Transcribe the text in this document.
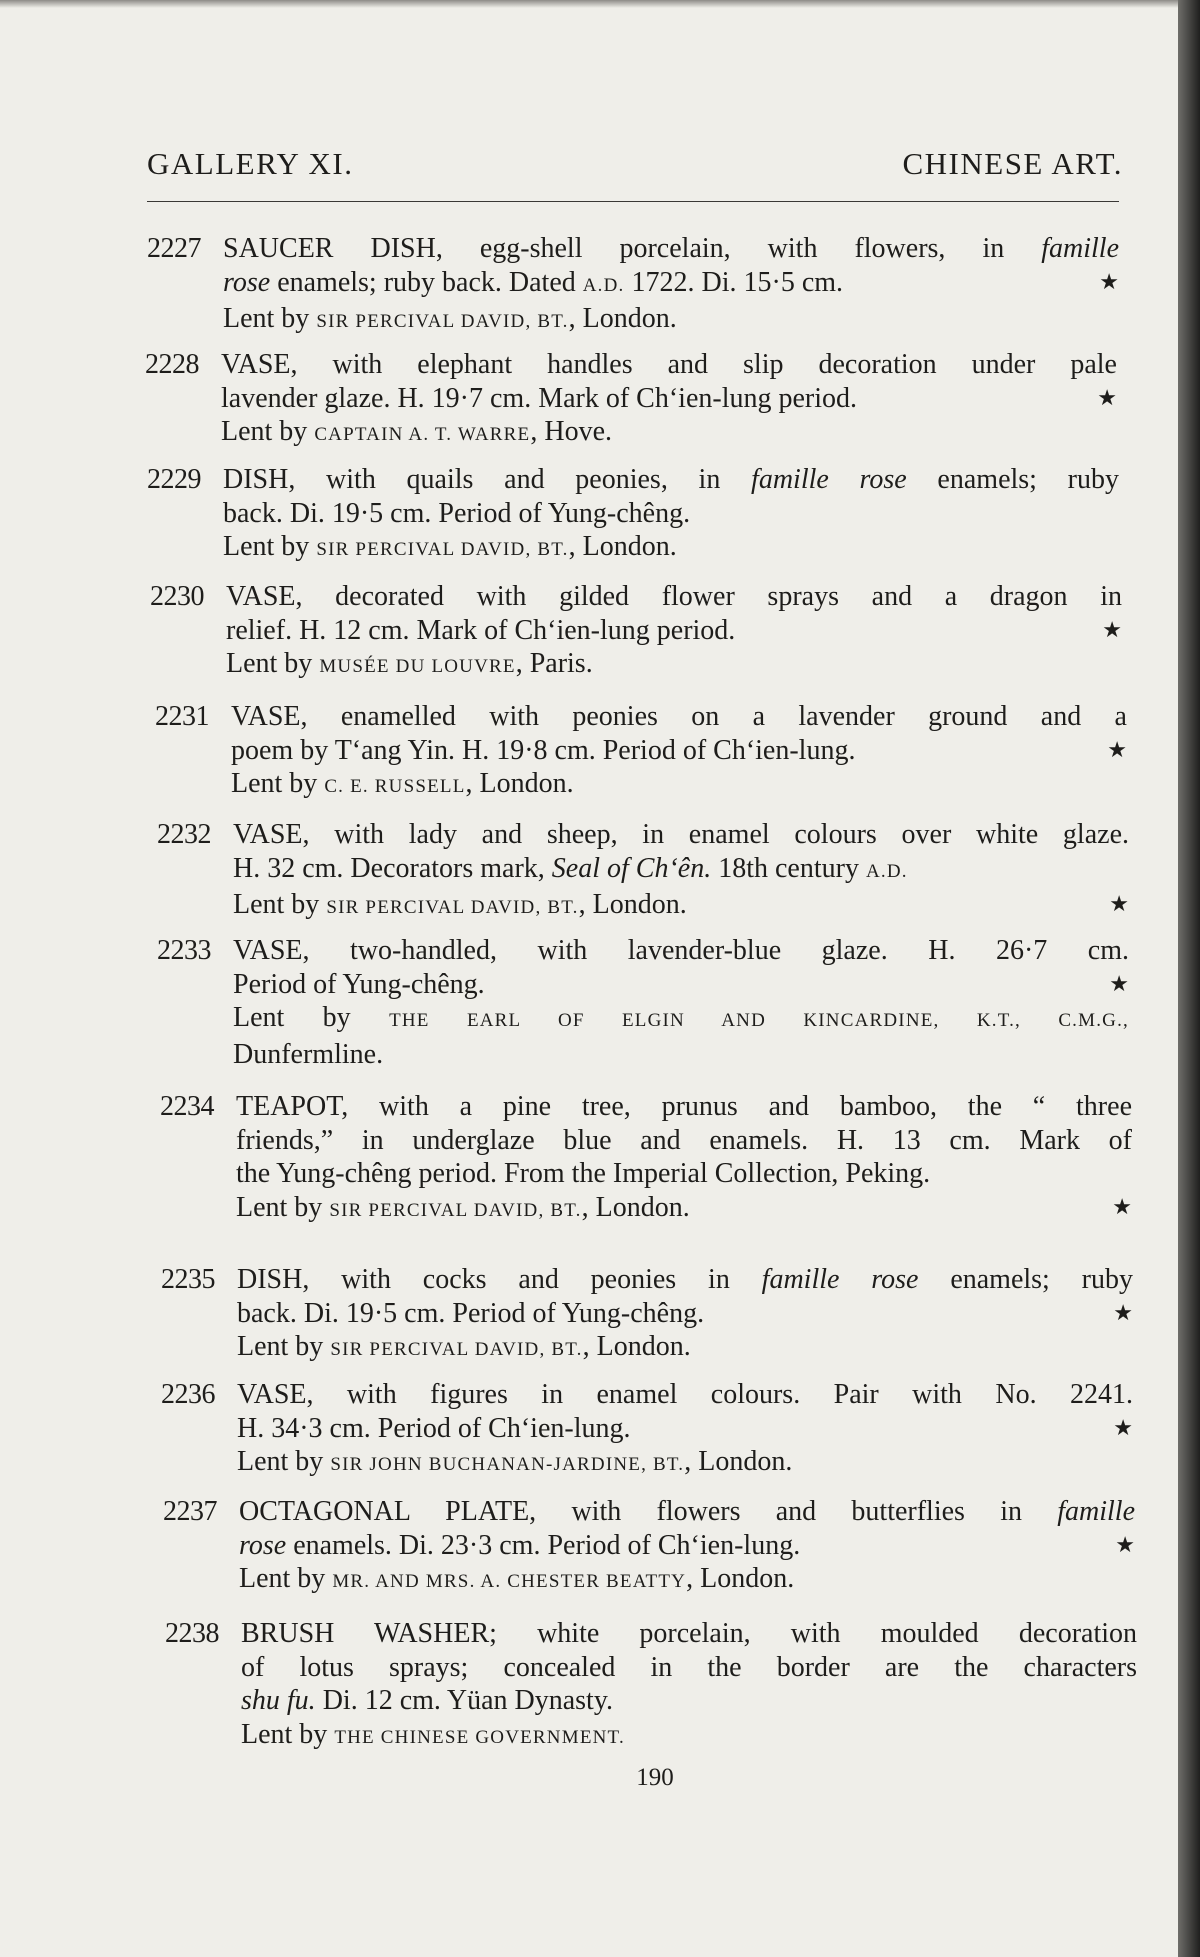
GALLERY XI.	CHINESE ART.
2227 SAUCER DISH, egg-shell porcelain, with flowers, in famille
rose enamels; ruby back. Dated A.D. 1722. Di. 15·5 cm.	★
Lent by SIR PERCIVAL DAVID, BT., London.
2228 VASE, with elephant handles and slip decoration under pale
lavender glaze. H. 19·7 cm. Mark of Ch‘ien-lung period.	★
Lent by CAPTAIN A. T. WARRE, Hove.
2229 DISH, with quails and peonies, in famille rose enamels; ruby
back. Di. 19·5 cm. Period of Yung-chêng.
Lent by SIR PERCIVAL DAVID, BT., London.
2230 VASE, decorated with gilded flower sprays and a dragon in
relief. H. 12 cm. Mark of Ch‘ien-lung period.	★
Lent by MUSÉE DU LOUVRE, Paris.
2231 VASE, enamelled with peonies on a lavender ground and a
poem by T‘ang Yin. H. 19·8 cm. Period of Ch‘ien-lung.	★
Lent by C. E. RUSSELL, London.
2232 VASE, with lady and sheep, in enamel colours over white glaze.
H. 32 cm. Decorators mark, Seal of Ch‘ên. 18th century A.D.
Lent by SIR PERCIVAL DAVID, BT., London.	★
2233 VASE, two-handled, with lavender-blue glaze. H. 26·7 cm.
Period of Yung-chêng.	★
Lent by THE EARL OF ELGIN AND KINCARDINE, K.T., C.M.G.,
Dunfermline.
2234 TEAPOT, with a pine tree, prunus and bamboo, the “ three
friends,” in underglaze blue and enamels. H. 13 cm. Mark of
the Yung-chêng period. From the Imperial Collection, Peking.
Lent by SIR PERCIVAL DAVID, BT., London.	★
2235 DISH, with cocks and peonies in famille rose enamels; ruby
back. Di. 19·5 cm. Period of Yung-chêng.	★
Lent by SIR PERCIVAL DAVID, BT., London.
2236 VASE, with figures in enamel colours. Pair with No. 2241.
H. 34·3 cm. Period of Ch‘ien-lung.	★
Lent by SIR JOHN BUCHANAN-JARDINE, BT., London.
2237 OCTAGONAL PLATE, with flowers and butterflies in famille
rose enamels. Di. 23·3 cm. Period of Ch‘ien-lung.	★
Lent by MR. AND MRS. A. CHESTER BEATTY, London.
2238 BRUSH WASHER; white porcelain, with moulded decoration
of lotus sprays; concealed in the border are the characters
shu fu. Di. 12 cm. Yüan Dynasty.
Lent by THE CHINESE GOVERNMENT.
190
